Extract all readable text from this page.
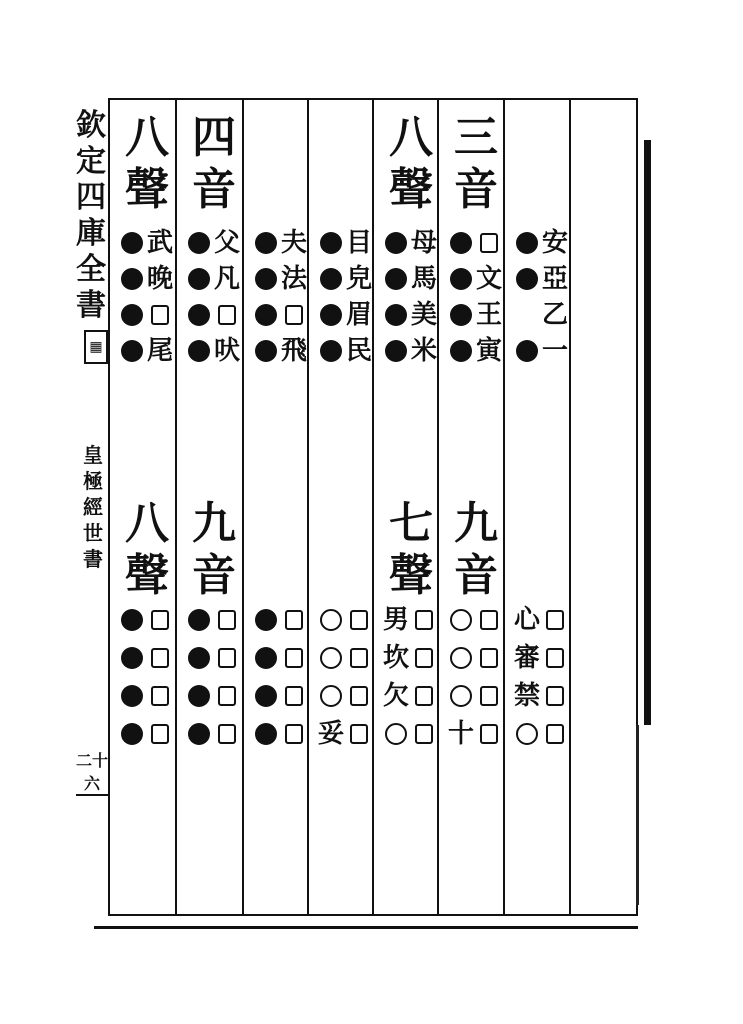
欽定四庫全書
▦
皇極經世書
二十六
八聲
四音
八聲
三音
武
晚
尾
父
凡
吠
夫
法
飛
目
皃
眉
民
母
馬
美
米
文
王
寅
安
亞
乙
一
八聲
九音
七聲
九音
妥
男
坎
欠
十
心
審
禁
